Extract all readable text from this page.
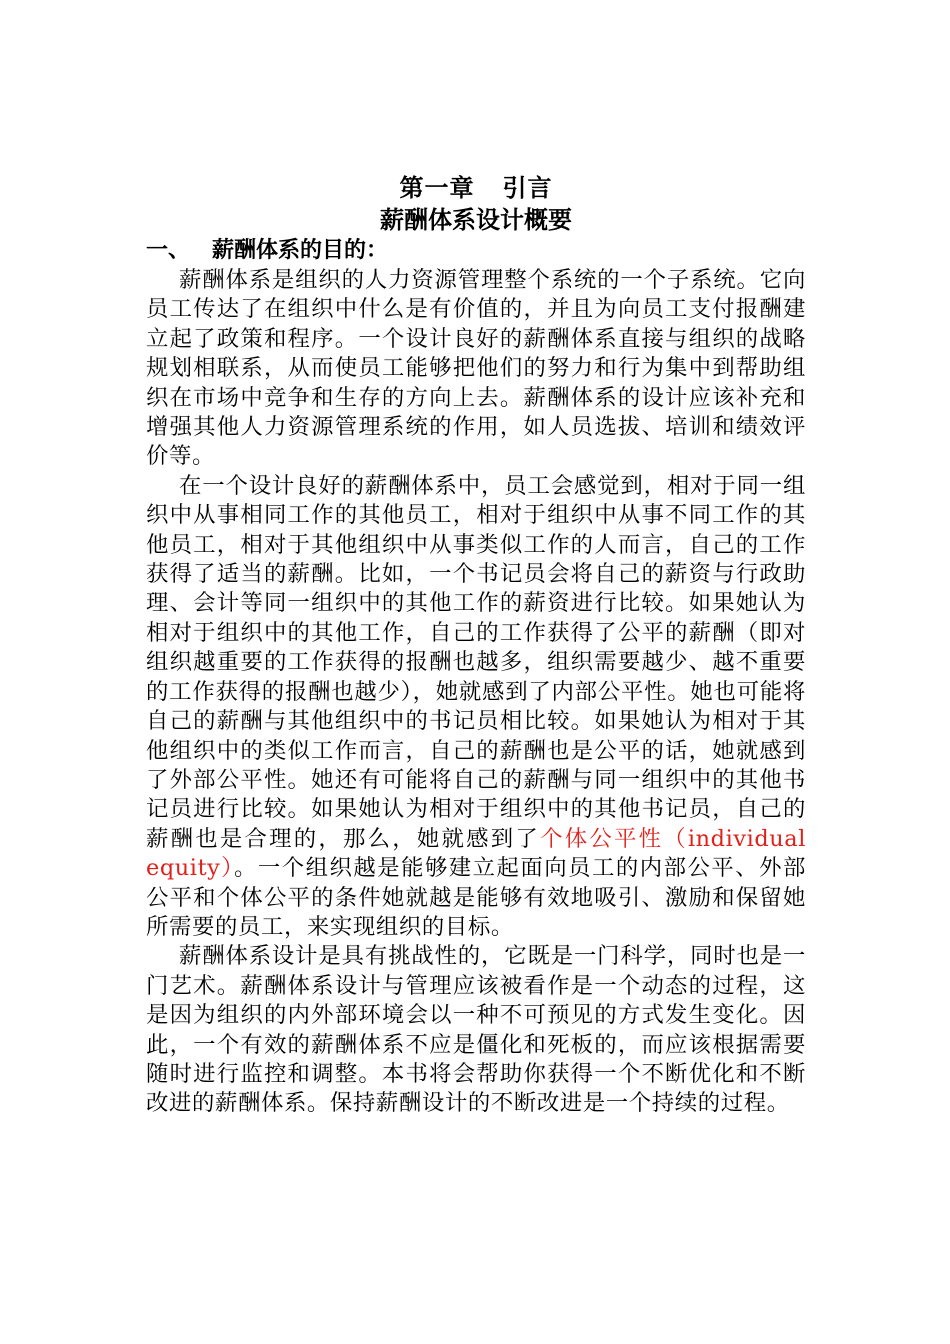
第一章 引言
薪酬体系设计概要
一、 薪酬体系的目的：

薪酬体系是组织的人力资源管理整个系统的一个子系统。它向员工传达了在组织中什么是有价值的，并且为向员工支付报酬建立起了政策和程序。一个设计良好的薪酬体系直接与组织的战略规划相联系，从而使员工能够把他们的努力和行为集中到帮助组织在市场中竞争和生存的方向上去。薪酬体系的设计应该补充和增强其他人力资源管理系统的作用，如人员选拔、培训和绩效评价等。

在一个设计良好的薪酬体系中，员工会感觉到，相对于同一组织中从事相同工作的其他员工，相对于组织中从事不同工作的其他员工，相对于其他组织中从事类似工作的人而言，自己的工作获得了适当的薪酬。比如，一个书记员会将自己的薪资与行政助理、会计等同一组织中的其他工作的薪资进行比较。如果她认为相对于组织中的其他工作，自己的工作获得了公平的薪酬（即对组织越重要的工作获得的报酬也越多，组织需要越少、越不重要的工作获得的报酬也越少），她就感到了内部公平性。她也可能将自己的薪酬与其他组织中的书记员相比较。如果她认为相对于其他组织中的类似工作而言，自己的薪酬也是公平的话，她就感到了外部公平性。她还有可能将自己的薪酬与同一组织中的其他书记员进行比较。如果她认为相对于组织中的其他书记员，自己的薪酬也是合理的，那么，她就感到了个体公平性（individual equity）。一个组织越是能够建立起面向员工的内部公平、外部公平和个体公平的条件她就越是能够有效地吸引、激励和保留她所需要的员工，来实现组织的目标。

薪酬体系设计是具有挑战性的，它既是一门科学，同时也是一门艺术。薪酬体系设计与管理应该被看作是一个动态的过程，这是因为组织的内外部环境会以一种不可预见的方式发生变化。因此，一个有效的薪酬体系不应是僵化和死板的，而应该根据需要随时进行监控和调整。本书将会帮助你获得一个不断优化和不断改进的薪酬体系。保持薪酬设计的不断改进是一个持续的过程。
